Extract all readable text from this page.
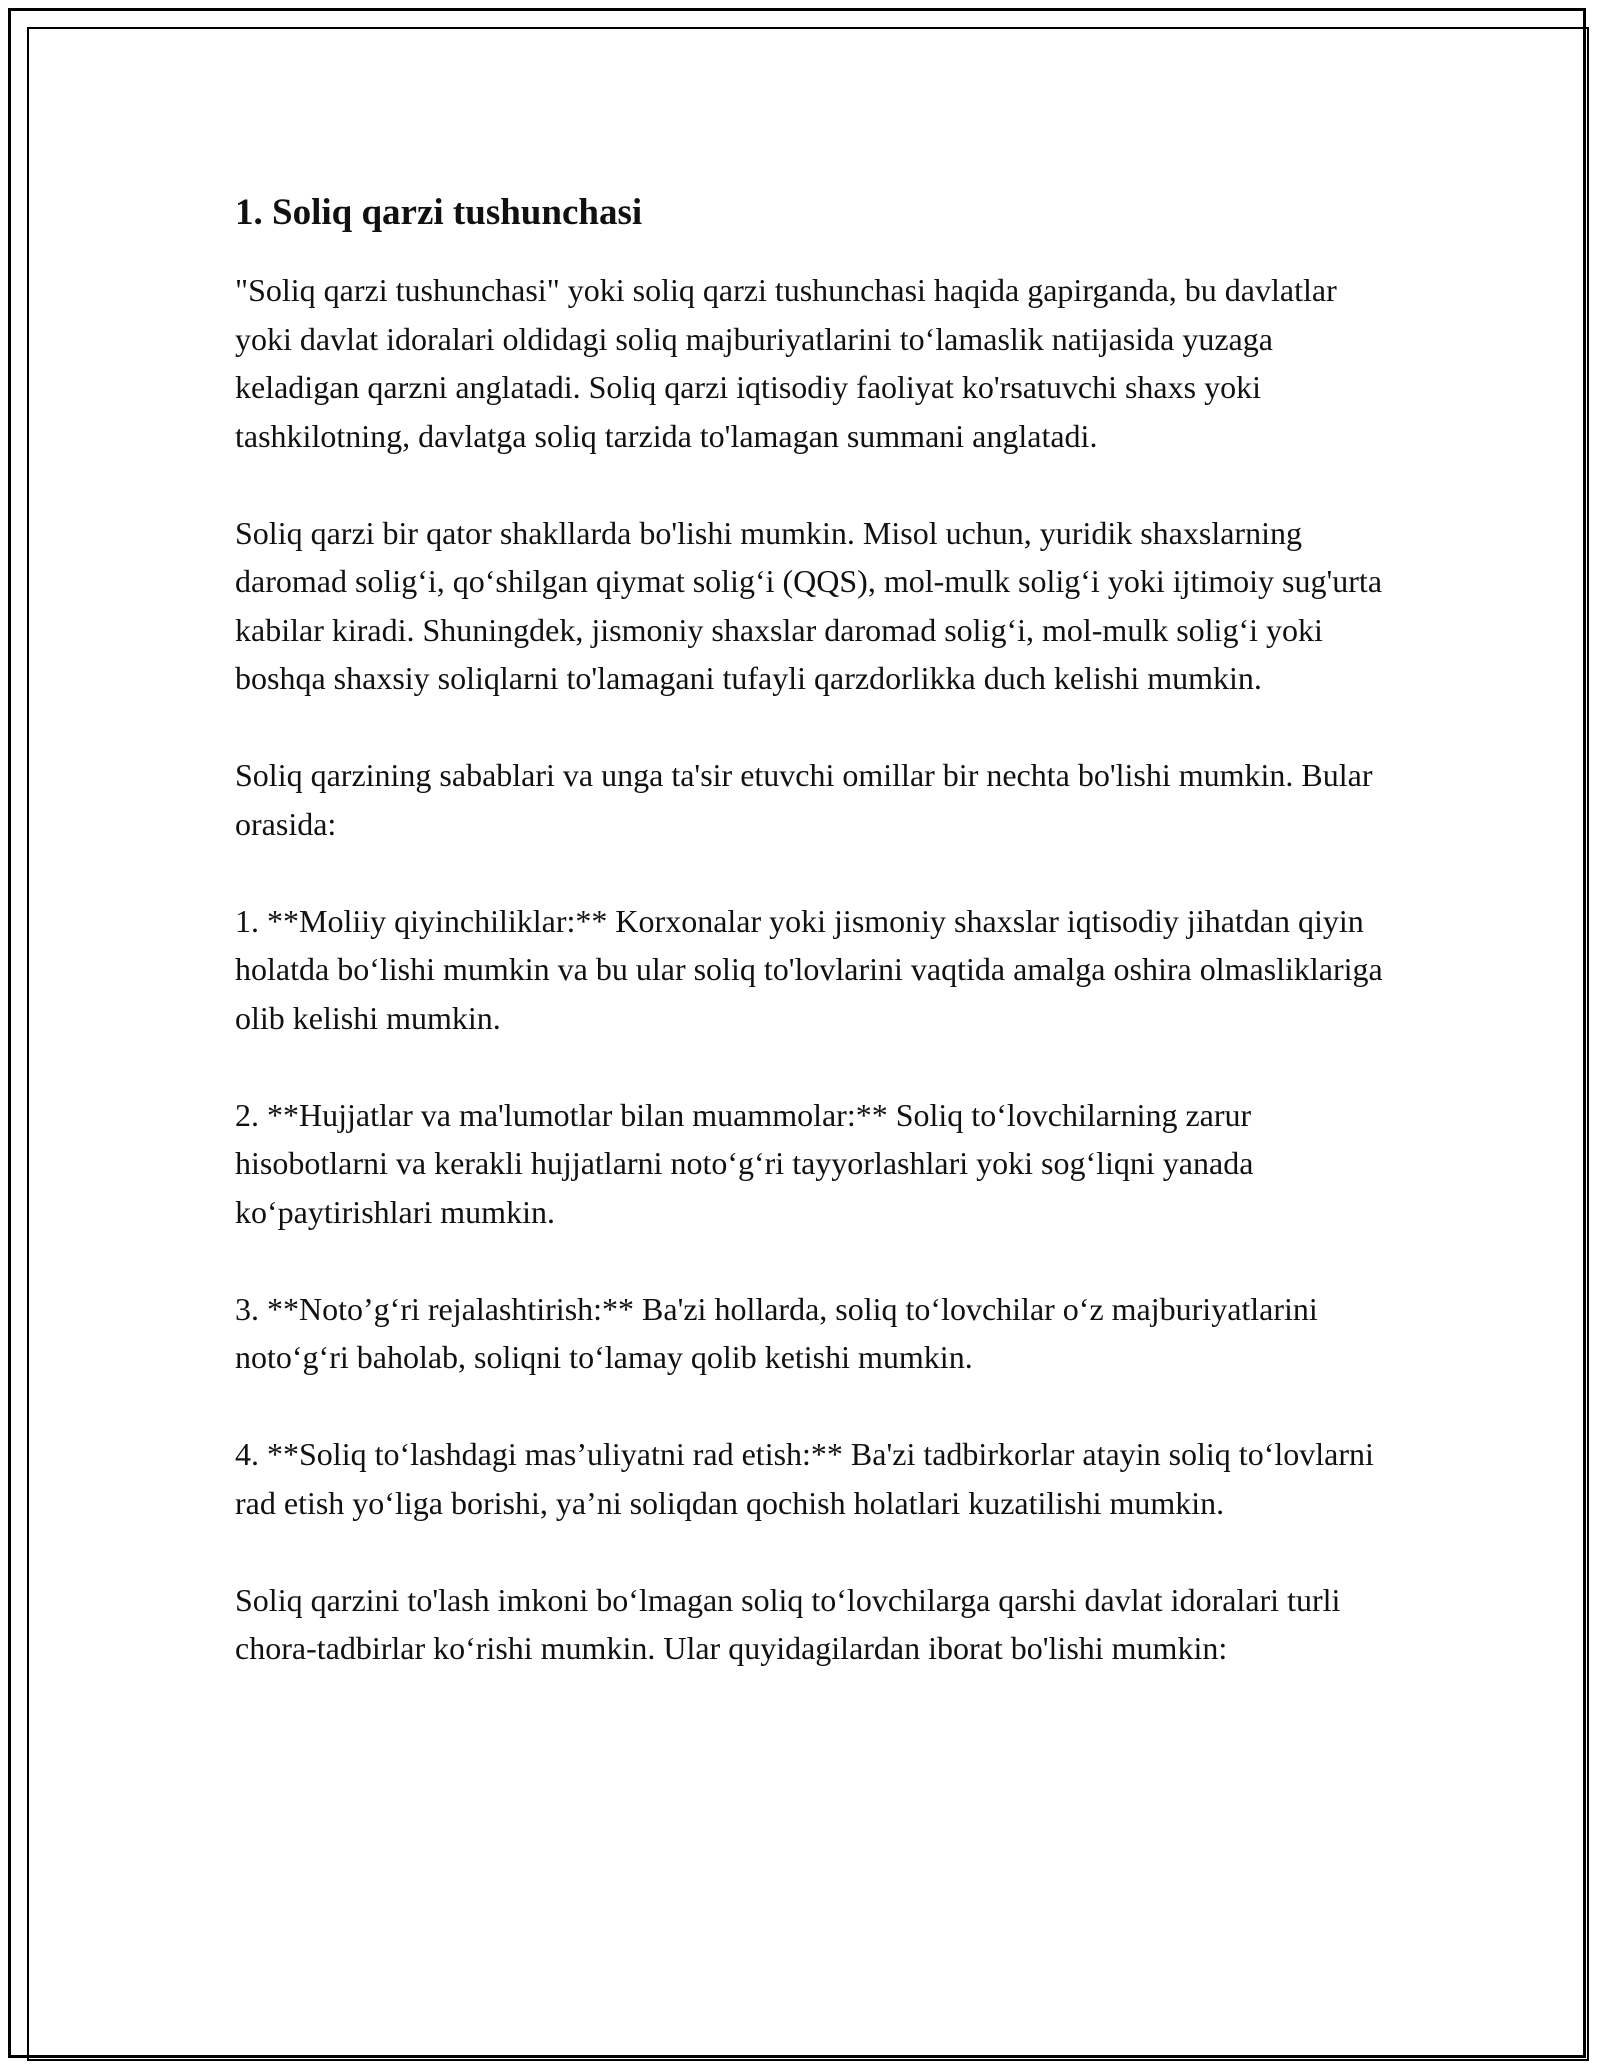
1. Soliq qarzi tushunchasi

"Soliq qarzi tushunchasi" yoki soliq qarzi tushunchasi haqida gapirganda, bu davlatlar yoki davlat idoralari oldidagi soliq majburiyatlarini to‘lamaslik natijasida yuzaga keladigan qarzni anglatadi. Soliq qarzi iqtisodiy faoliyat ko'rsatuvchi shaxs yoki tashkilotning, davlatga soliq tarzida to'lamagan summani anglatadi.

Soliq qarzi bir qator shakllarda bo'lishi mumkin. Misol uchun, yuridik shaxslarning daromad solig‘i, qo‘shilgan qiymat solig‘i (QQS), mol-mulk solig‘i yoki ijtimoiy sug'urta kabilar kiradi. Shuningdek, jismoniy shaxslar daromad solig‘i, mol-mulk solig‘i yoki boshqa shaxsiy soliqlarni to'lamagani tufayli qarzdorlikka duch kelishi mumkin.

Soliq qarzining sabablari va unga ta'sir etuvchi omillar bir nechta bo'lishi mumkin. Bular orasida:

1. **Moliiy qiyinchiliklar:** Korxonalar yoki jismoniy shaxslar iqtisodiy jihatdan qiyin holatda bo‘lishi mumkin va bu ular soliq to'lovlarini vaqtida amalga oshira olmasliklariga olib kelishi mumkin.

2. **Hujjatlar va ma'lumotlar bilan muammolar:** Soliq to‘lovchilarning zarur hisobotlarni va kerakli hujjatlarni noto‘g‘ri tayyorlashlari yoki sog‘liqni yanada ko‘paytirishlari mumkin.

3. **Noto’g‘ri rejalashtirish:** Ba'zi hollarda, soliq to‘lovchilar o‘z majburiyatlarini noto‘g‘ri baholab, soliqni to‘lamay qolib ketishi mumkin.

4. **Soliq to‘lashdagi mas’uliyatni rad etish:** Ba'zi tadbirkorlar atayin soliq to‘lovlarni rad etish yo‘liga borishi, ya’ni soliqdan qochish holatlari kuzatilishi mumkin.

Soliq qarzini to'lash imkoni bo‘lmagan soliq to‘lovchilarga qarshi davlat idoralari turli chora-tadbirlar ko‘rishi mumkin. Ular quyidagilardan iborat bo'lishi mumkin:
